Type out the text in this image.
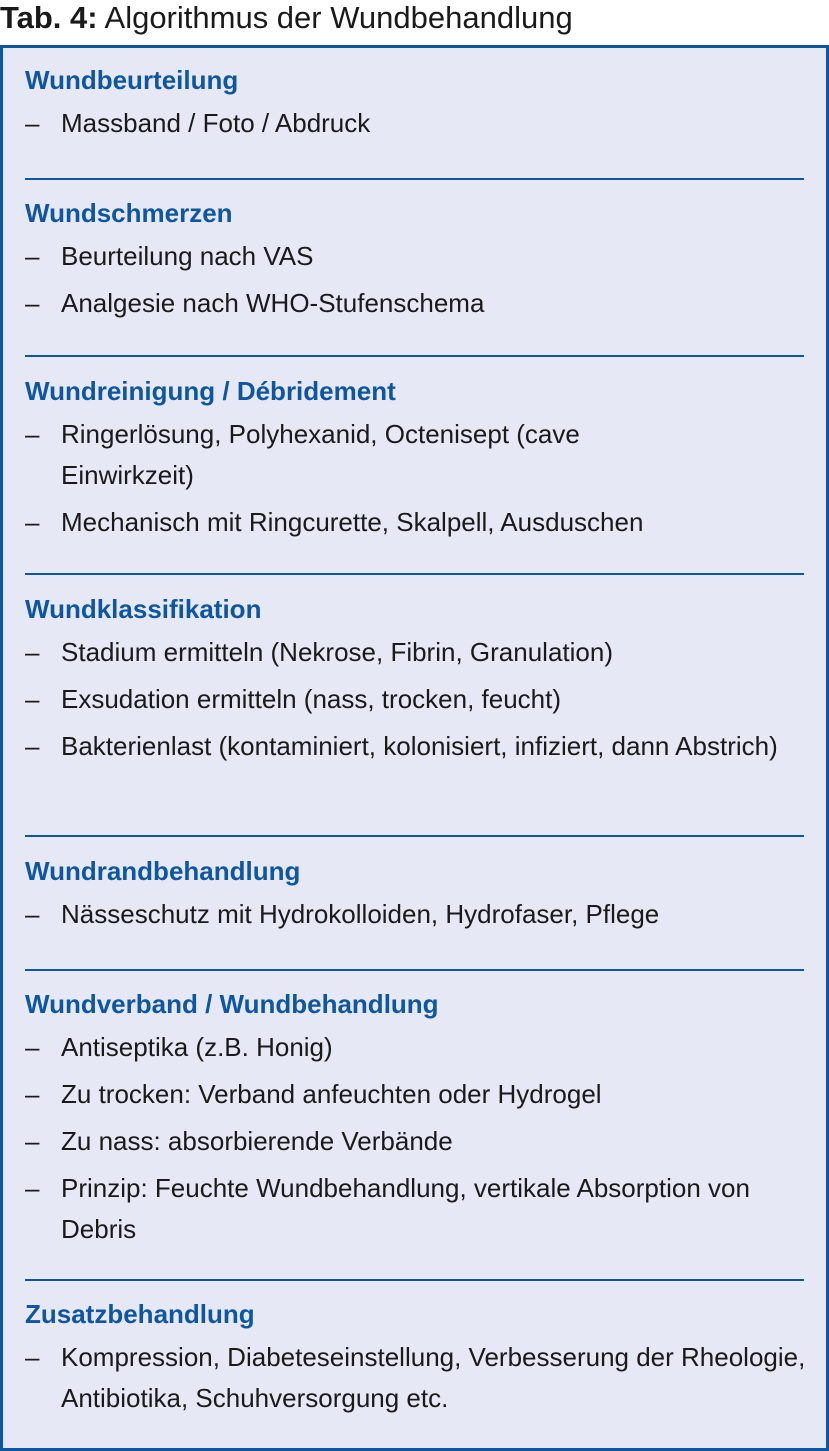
Tab. 4: Algorithmus der Wundbehandlung
Wundbeurteilung
– Massband / Foto / Abdruck
Wundschmerzen
– Beurteilung nach VAS
– Analgesie nach WHO-Stufenschema
Wundreinigung / Débridement
– Ringerlösung, Polyhexanid, Octenisept (cave Einwirkzeit)
– Mechanisch mit Ringcurette, Skalpell, Ausduschen
Wundklassifikation
– Stadium ermitteln (Nekrose, Fibrin, Granulation)
– Exsudation ermitteln (nass, trocken, feucht)
– Bakterienlast (kontaminiert, kolonisiert, infiziert, dann Abstrich)
Wundrandbehandlung
– Nässeschutz mit Hydrokolloiden, Hydrofaser, Pflege
Wundverband / Wundbehandlung
– Antiseptika (z.B. Honig)
– Zu trocken: Verband anfeuchten oder Hydrogel
– Zu nass: absorbierende Verbände
– Prinzip: Feuchte Wundbehandlung, vertikale Absorption von Debris
Zusatzbehandlung
– Kompression, Diabeteseinstellung, Verbesserung der Rheologie, Antibiotika, Schuhversorgung etc.
